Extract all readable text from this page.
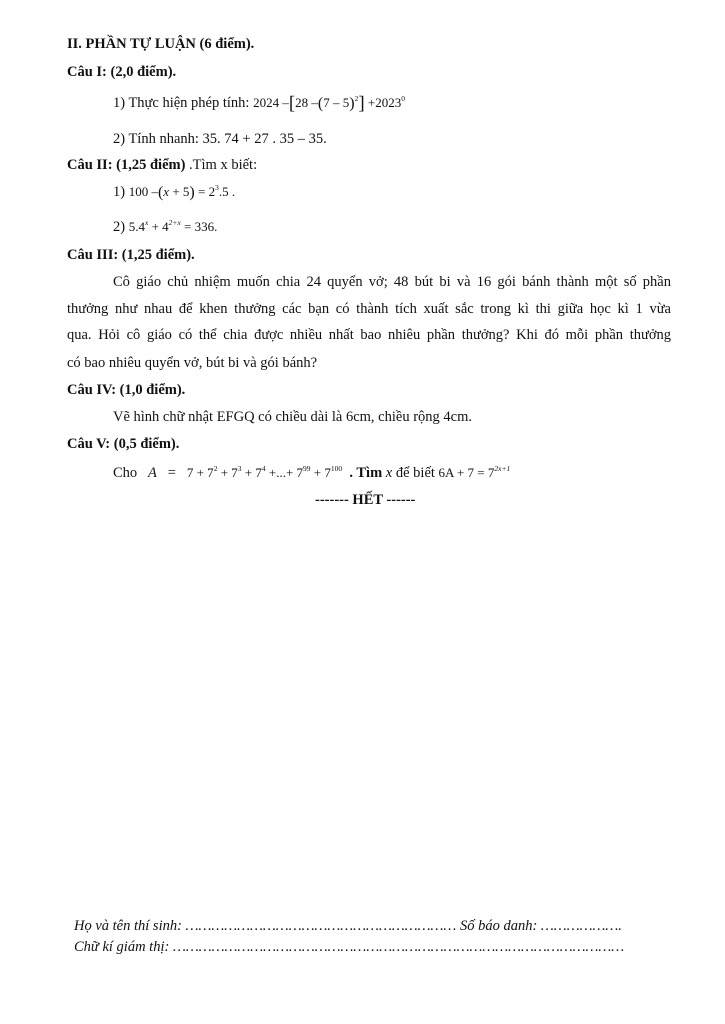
II. PHẦN TỰ LUẬN (6 điểm).
Câu I: (2,0 điểm).
1) Thực hiện phép tính: 2024 –[28 $-(7 - 5)^2] +2023^0$
2) Tính nhanh: 35. 74 + 27 . 35 – 35.
Câu II: (1,25 điểm) .Tìm x biết:
1) 100 $-(x + 5) = 2^3.5$ .
2) $5.4^x + 4^{2+x} = 336$.
Câu III: (1,25 điểm).
Cô giáo chủ nhiệm muốn chia 24 quyển vở; 48 bút bi và 16 gói bánh thành một số phần
thưởng như nhau để khen thưởng các bạn có thành tích xuất sắc trong kì thi giữa học kì 1 vừa
qua. Hỏi cô giáo có thể chia được nhiều nhất bao nhiêu phần thưởng? Khi đó mỗi phần thưởng
có bao nhiêu quyển vở, bút bi và gói bánh?
Câu IV: (1,0 điểm).
Vẽ hình chữ nhật EFGQ có chiều dài là 6cm, chiều rộng 4cm.
Câu V: (0,5 điểm).
Cho $A = 7 + 7^2 + 7^3 + 7^4$ +...+ $7^{99} + 7^{100}$ . Tìm x để biết $6A + 7 = 7^{2x+1}$
------- HẾT ------
Họ và tên thí sinh: ……………………………………………………… Số báo danh: ……………….
Chữ kí giám thị: ……………………………………………………………………………………………
